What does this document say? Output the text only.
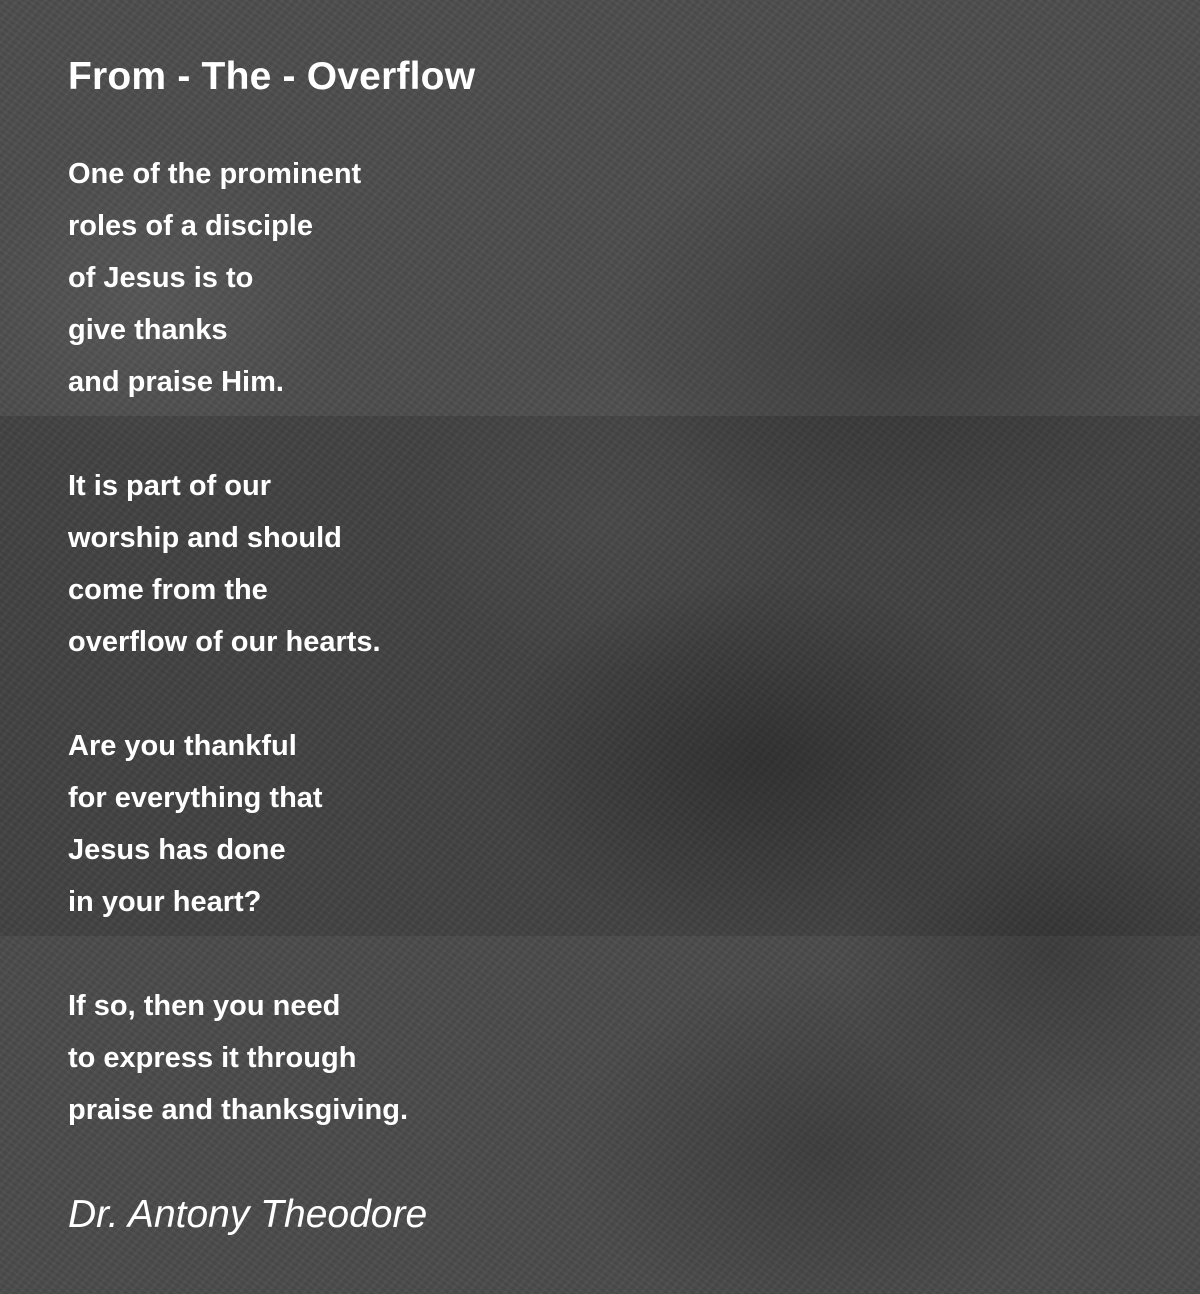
From - The - Overflow
One of the prominent
roles of a disciple
of Jesus is to
give thanks
and praise Him.
It is part of our
worship and should
come from the
overflow of our hearts.
Are you thankful
for everything that
Jesus has done
in your heart?
If so, then you need
to express it through
praise and thanksgiving.
Dr. Antony Theodore
